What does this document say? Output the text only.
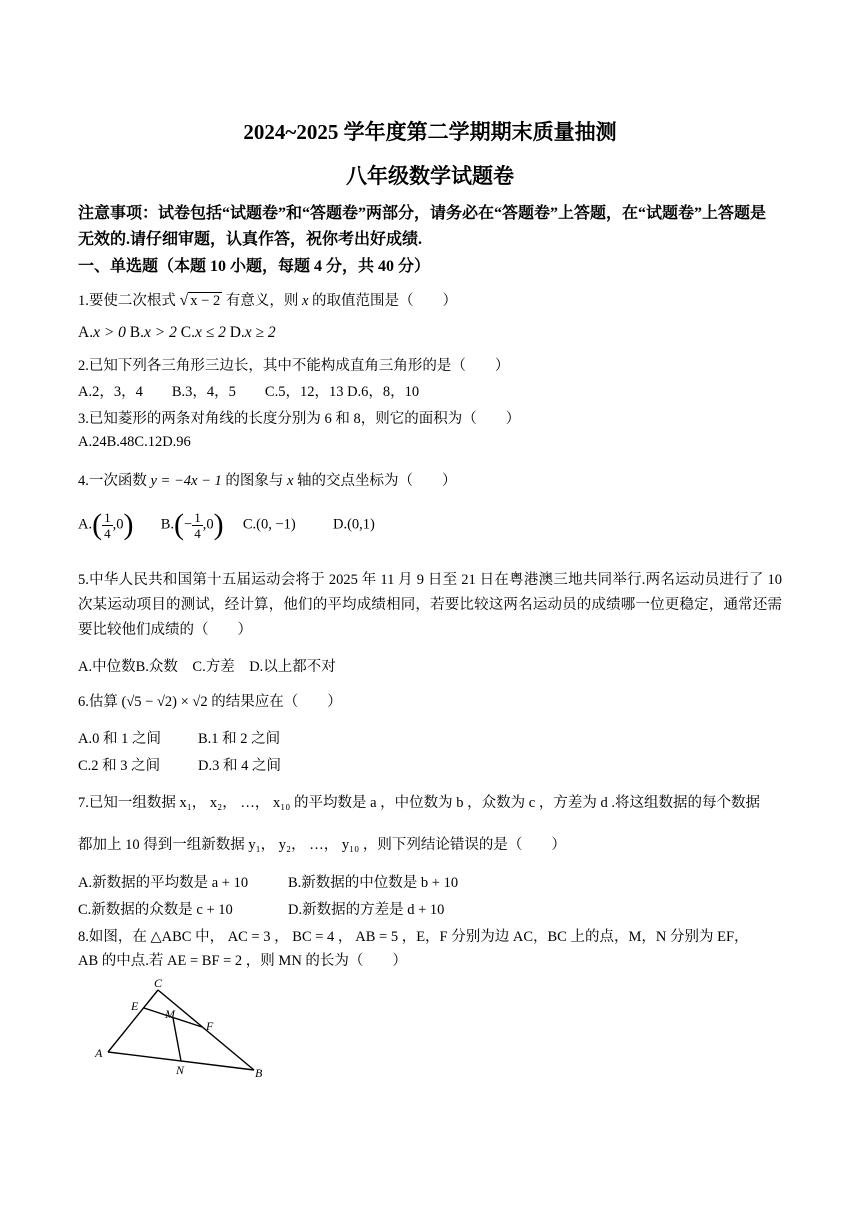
2024~2025 学年度第二学期期末质量抽测
八年级数学试题卷
注意事项：试卷包括“试题卷”和“答题卷”两部分，请务必在“答题卷”上答题，在“试题卷”上答题是无效的.请仔细审题，认真作答，祝你考出好成绩.
一、单选题（本题 10 小题，每题 4 分，共 40 分）
1.要使二次根式 √ x − 2 有意义，则 x 的取值范围是（　　）
A.x > 0 B.x > 2 C.x ≤ 2 D.x ≥ 2
2.已知下列各三角形三边长，其中不能构成直角三角形的是（　　）
A.2，3，4　　B.3，4，5　　C.5，12，13 D.6，8，10
3.已知菱形的两条对角线的长度分别为 6 和 8，则它的面积为（　　）
A.24B.48C.12D.96
4.一次函数 y = −4x − 1 的图象与 x 轴的交点坐标为（　　）
$A.( \frac{1}{4} ,0)$ $B.(- \frac{1}{4} ,0)$ C.(0, −1)	D.(0,1)
5.中华人民共和国第十五届运动会将于 2025 年 11 月 9 日至 21 日在粤港澳三地共同举行.两名运动员进行了 10 次某运动项目的测试，经计算，他们的平均成绩相同，若要比较这两名运动员的成绩哪一位更稳定，通常还需要比较他们成绩的（　　）
A.中位数B.众数　C.方差　D.以上都不对
6.估算 (√5 − √2) × √2 的结果应在（　　）
A.0 和 1 之间	B.1 和 2 之间
C.2 和 3 之间	D.3 和 4 之间
7.已知一组数据 x₁， x₂， …， x₁₀ 的平均数是 a ，中位数为 b ，众数为 c ，方差为 d .将这组数据的每个数据
都加上 10 得到一组新数据 y₁， y₂， …， y₁₀ ，则下列结论错误的是（　　）
A.新数据的平均数是 a + 10	B.新数据的中位数是 b + 10
C.新数据的众数是 c + 10	D.新数据的方差是 d + 10
8.如图，在 △ABC 中， AC = 3 ， BC = 4 ， AB = 5 ，E，F 分别为边 AC，BC 上的点，M，N 分别为 EF，
AB 的中点.若 AE = BF = 2 ，则 MN 的长为（　　）
C
E
M
F
A
N	B
